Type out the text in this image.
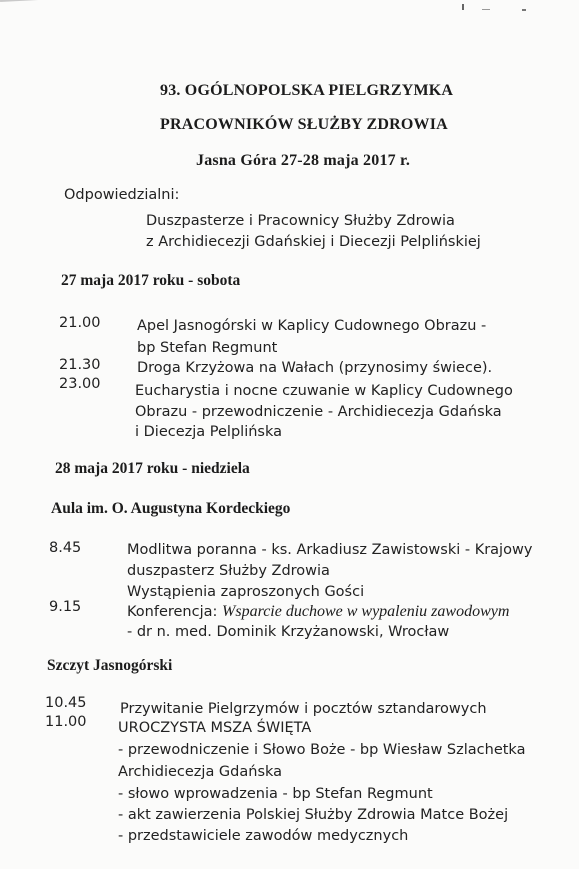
93. OGÓLNOPOLSKA PIELGRZYMKA
PRACOWNIKÓW SŁUŻBY ZDROWIA
Jasna Góra 27-28 maja 2017 r.
Odpowiedzialni:
Duszpasterze i Pracownicy Służby Zdrowia
z Archidiecezji Gdańskiej i Diecezji Pelplińskiej
27 maja 2017 roku - sobota
21.00	Apel Jasnogórski w Kaplicy Cudownego Obrazu -
bp Stefan Regmunt
21.30	Droga Krzyżowa na Wałach (przynosimy świece).
23.00 Eucharystia i nocne czuwanie w Kaplicy Cudownego
Obrazu - przewodniczenie - Archidiecezja Gdańska
i Diecezja Pelplińska
28 maja 2017 roku - niedziela
Aula im. O. Augustyna Kordeckiego
8.45	Modlitwa poranna - ks. Arkadiusz Zawistowski - Krajowy
duszpasterz Służby Zdrowia
Wystąpienia zaproszonych Gości
9.15	Konferencja: Wsparcie duchowe w wypaleniu zawodowym
- dr n. med. Dominik Krzyżanowski, Wrocław
Szczyt Jasnogórski
10.45 Przywitanie Pielgrzymów i pocztów sztandarowych
11.00 UROCZYSTA MSZA ŚWIĘTA
- przewodniczenie i Słowo Boże - bp Wiesław Szlachetka
Archidiecezja Gdańska
- słowo wprowadzenia - bp Stefan Regmunt
- akt zawierzenia Polskiej Służby Zdrowia Matce Bożej
- przedstawiciele zawodów medycznych
